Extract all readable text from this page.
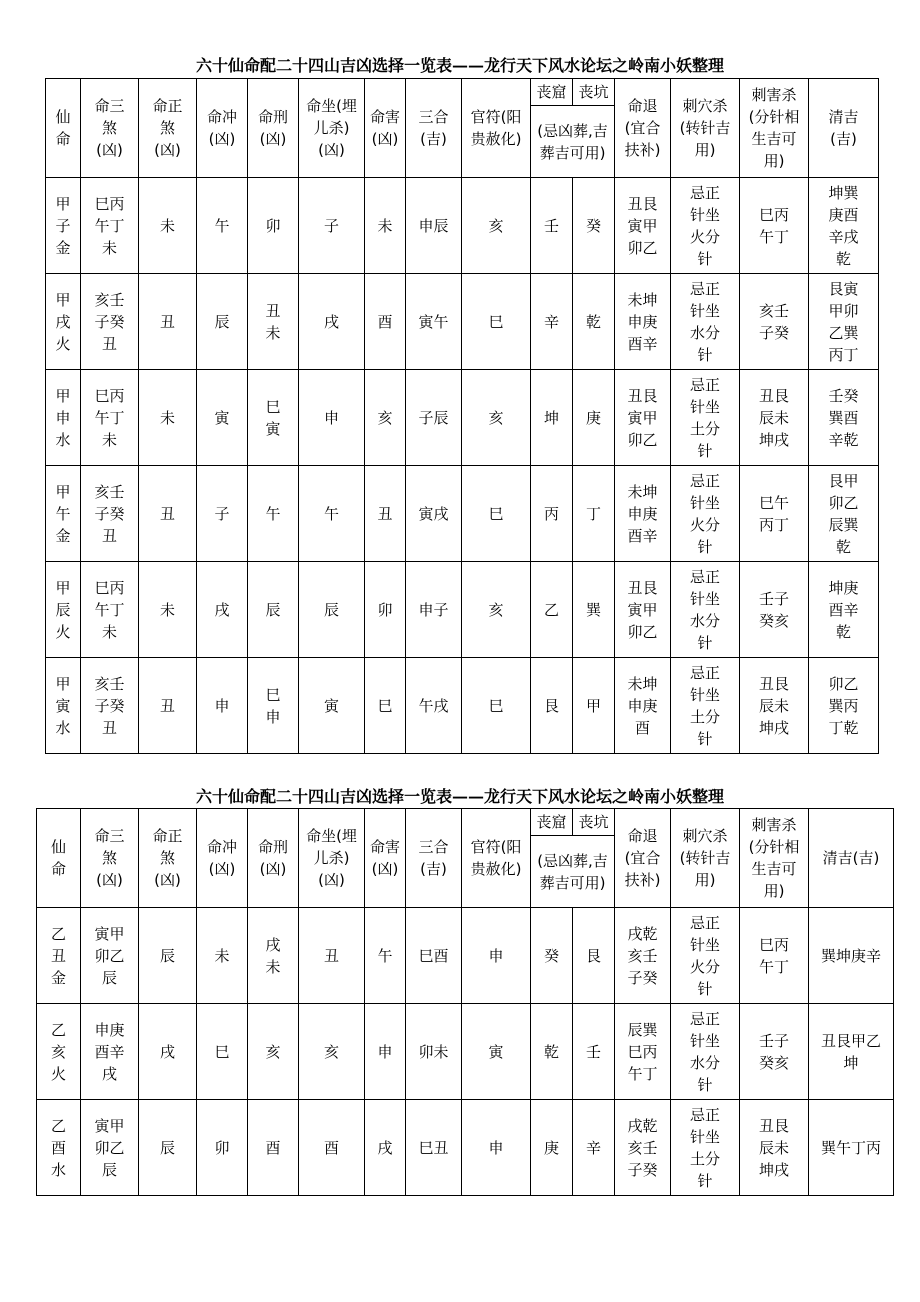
六十仙命配二十四山吉凶选择一览表——龙行天下风水论坛之岭南小妖整理
仙命	命三煞(凶)	命正煞(凶)	命冲(凶)	命刑(凶)	命坐(埋儿杀)(凶)	命害(凶)	三合(吉)	官符(阳贵赦化)	丧窟	丧坑	命退(宜合扶补)	刺穴杀(转针吉用)	刺害杀(分针相生吉可用)	清吉(吉)
									(忌凶葬,吉葬吉可用)					
甲子金	巳丙午丁未	未	午	卯	子	未	申辰	亥	壬	癸	丑艮寅甲卯乙	忌正针坐火分针	巳丙午丁	坤巽庚酉辛戌乾
甲戌火	亥壬子癸丑	丑	辰	丑未	戌	酉	寅午	巳	辛	乾	未坤申庚酉辛	忌正针坐水分针	亥壬子癸	艮寅甲卯乙巽丙丁
甲申水	巳丙午丁未	未	寅	巳寅	申	亥	子辰	亥	坤	庚	丑艮寅甲卯乙	忌正针坐土分针	丑艮辰未坤戌	壬癸巽酉辛乾
甲午金	亥壬子癸丑	丑	子	午	午	丑	寅戌	巳	丙	丁	未坤申庚酉辛	忌正针坐火分针	巳午丙丁	艮甲卯乙辰巽乾
甲辰火	巳丙午丁未	未	戌	辰	辰	卯	申子	亥	乙	巽	丑艮寅甲卯乙	忌正针坐水分针	壬子癸亥	坤庚酉辛乾
甲寅水	亥壬子癸丑	丑	申	巳申	寅	巳	午戌	巳	艮	甲	未坤申庚酉	忌正针坐土分针	丑艮辰未坤戌	卯乙巽丙丁乾
六十仙命配二十四山吉凶选择一览表——龙行天下风水论坛之岭南小妖整理
仙命	命三煞(凶)	命正煞(凶)	命冲(凶)	命刑(凶)	命坐(埋儿杀)(凶)	命害(凶)	三合(吉)	官符(阳贵赦化)	丧窟	丧坑	命退(宜合扶补)	刺穴杀(转针吉用)	刺害杀(分针相生吉可用)	清吉(吉)
									(忌凶葬,吉葬吉可用)					
乙丑金	寅甲卯乙辰	辰	未	戌未	丑	午	巳酉	申	癸	艮	戌乾亥壬子癸	忌正针坐火分针	巳丙午丁	巽坤庚辛
乙亥火	申庚酉辛戌	戌	巳	亥	亥	申	卯未	寅	乾	壬	辰巽巳丙午丁	忌正针坐水分针	壬子癸亥	丑艮甲乙坤
乙酉水	寅甲卯乙辰	辰	卯	酉	酉	戌	巳丑	申	庚	辛	戌乾亥壬子癸	忌正针坐土分针	丑艮辰未坤戌	巽午丁丙
